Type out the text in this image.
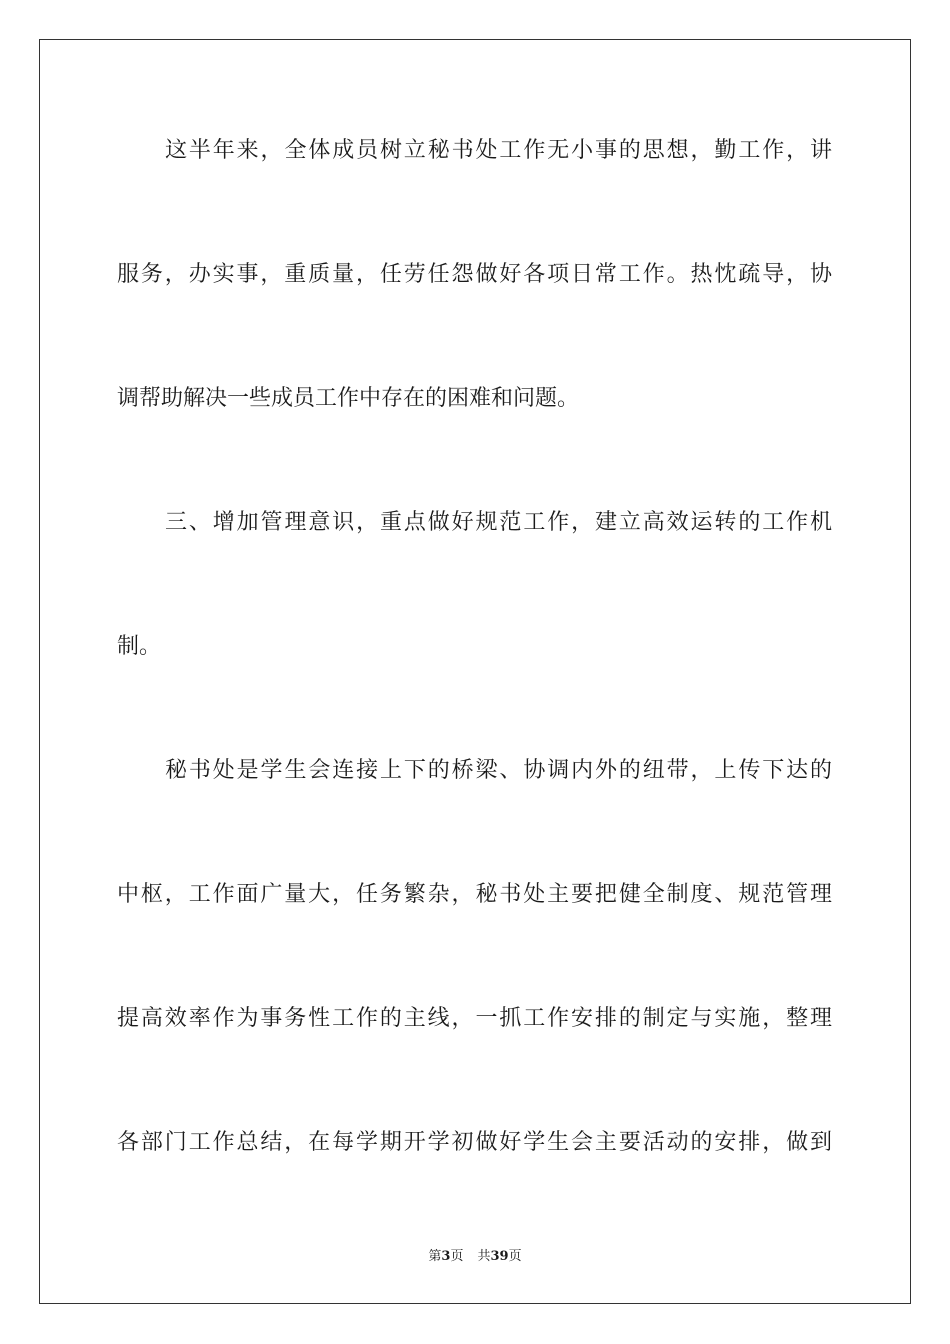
这半年来，全体成员树立秘书处工作无小事的思想，勤工作，讲
服务，办实事，重质量，任劳任怨做好各项日常工作。热忱疏导，协
调帮助解决一些成员工作中存在的困难和问题。
三、增加管理意识，重点做好规范工作，建立高效运转的工作机
制。
秘书处是学生会连接上下的桥梁、协调内外的纽带，上传下达的
中枢，工作面广量大，任务繁杂，秘书处主要把健全制度、规范管理
提高效率作为事务性工作的主线，一抓工作安排的制定与实施，整理
各部门工作总结，在每学期开学初做好学生会主要活动的安排，做到
第3页 共39页
